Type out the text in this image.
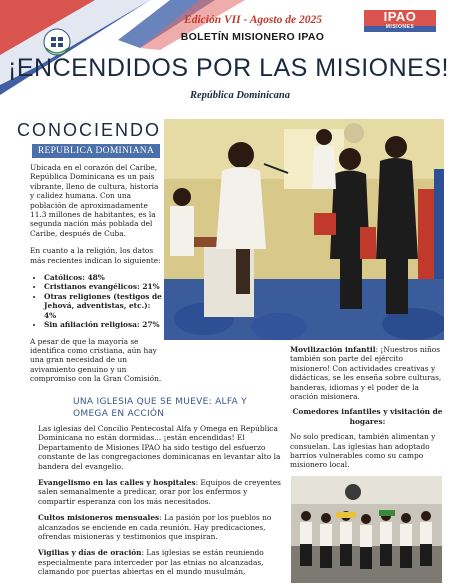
Edición VII - Agosto de 2025
BOLETÍN MISIONERO IPAO
IPAO
MISIONES
¡ENCENDIDOS POR LAS MISIONES!
República Dominicana
CONOCIENDO
REPUBLICA DOMINIANA

Ubicada en el corazón del Caribe, República Dominicana es un país vibrante, lleno de cultura, historia y calidez humana. Con una población de aproximadamente 11.3 millones de habitantes, es la segunda nación más poblada del Caribe, después de Cuba.

En cuanto a la religión, los datos más recientes indican lo siguiente:

• Católicos: 48%
• Cristianos evangélicos: 21%
• Otras religiones (testigos de Jehová, adventistas, etc.): 4%
• Sin afiliación religiosa: 27%

A pesar de que la mayoría se identifica como cristiana, aún hay una gran necesidad de un avivamiento genuino y un compromiso con la Gran Comisión.

Movilización infantil: ¡Nuestros niños también son parte del ejército misionero! Con actividades creativas y didácticas, se les enseña sobre culturas, banderas, idiomas y el poder de la oración misionera.

Comedores infantiles y visitación de hogares:

No solo predican, también alimentan y consuelan. Las iglesias han adoptado barrios vulnerables como su campo misionero local.

UNA IGLESIA QUE SE MUEVE: ALFA Y OMEGA EN ACCIÓN

Las iglesias del Concilio Pentecostal Alfa y Omega en República Dominicana no están dormidas... ¡están encendidas! El Departamento de Misiones IPAO ha sido testigo del esfuerzo constante de las congregaciones dominicanas en levantar alto la bandera del evangelio.

Evangelismo en las calles y hospitales: Equipos de creyentes salen semanalmente a predicar, orar por los enfermos y compartir esperanza con los más necesitados.

Cultos misioneros mensuales: La pasión por los pueblos no alcanzados se enciende en cada reunión. Hay predicaciones, ofrendas misioneras y testimonios que inspiran.

Vigilias y días de oración: Las iglesias se están reuniendo especialmente para interceder por las etnias no alcanzadas, clamando por puertas abiertas en el mundo musulmán,
